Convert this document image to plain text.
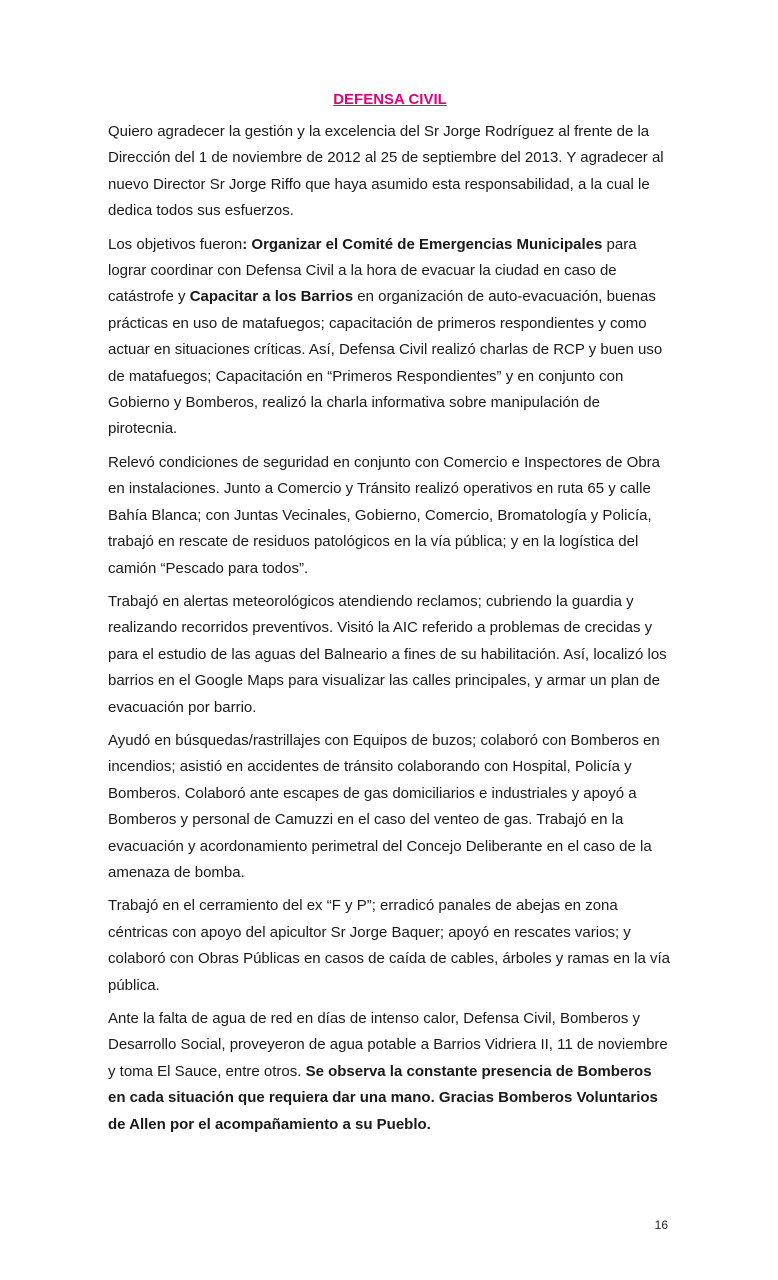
DEFENSA CIVIL

Quiero agradecer la gestión y la excelencia del Sr Jorge Rodríguez al frente de la Dirección del 1 de noviembre de 2012 al 25 de septiembre del 2013. Y agradecer al nuevo Director Sr Jorge Riffo que haya asumido esta responsabilidad, a la cual le dedica todos sus esfuerzos.

Los objetivos fueron: Organizar el Comité de Emergencias Municipales para lograr coordinar con Defensa Civil a la hora de evacuar la ciudad en caso de catástrofe y Capacitar a los Barrios en organización de auto-evacuación, buenas prácticas en uso de matafuegos; capacitación de primeros respondientes y como actuar en situaciones críticas. Así, Defensa Civil realizó charlas de RCP y buen uso de matafuegos; Capacitación en “Primeros Respondientes” y en conjunto con Gobierno y Bomberos, realizó la charla informativa sobre manipulación de pirotecnia.

Relevó condiciones de seguridad en conjunto con Comercio e Inspectores de Obra en instalaciones. Junto a Comercio y Tránsito realizó operativos en ruta 65 y calle Bahía Blanca; con Juntas Vecinales, Gobierno, Comercio, Bromatología y Policía, trabajó en rescate de residuos patológicos en la vía pública; y en la logística del camión “Pescado para todos”.

Trabajó en alertas meteorológicos atendiendo reclamos; cubriendo la guardia y realizando recorridos preventivos. Visitó la AIC referido a problemas de crecidas y para el estudio de las aguas del Balneario a fines de su habilitación. Así, localizó los barrios en el Google Maps para visualizar las calles principales, y armar un plan de evacuación por barrio.

Ayudó en búsquedas/rastrillajes con Equipos de buzos; colaboró con Bomberos en incendios; asistió en accidentes de tránsito colaborando con Hospital, Policía y Bomberos. Colaboró ante escapes de gas domiciliarios e industriales y apoyó a Bomberos y personal de Camuzzi en el caso del venteo de gas. Trabajó en la evacuación y acordonamiento perimetral del Concejo Deliberante en el caso de la amenaza de bomba.

Trabajó en el cerramiento del ex “F y P”; erradicó panales de abejas en zona céntricas con apoyo del apicultor Sr Jorge Baquer; apoyó en rescates varios; y colaboró con Obras Públicas en casos de caída de cables, árboles y ramas en la vía pública.

Ante la falta de agua de red en días de intenso calor, Defensa Civil, Bomberos y Desarrollo Social, proveyeron de agua potable a Barrios Vidriera II, 11 de noviembre y toma El Sauce, entre otros. Se observa la constante presencia de Bomberos en cada situación que requiera dar una mano. Gracias Bomberos Voluntarios de Allen por el acompañamiento a su Pueblo.

16
